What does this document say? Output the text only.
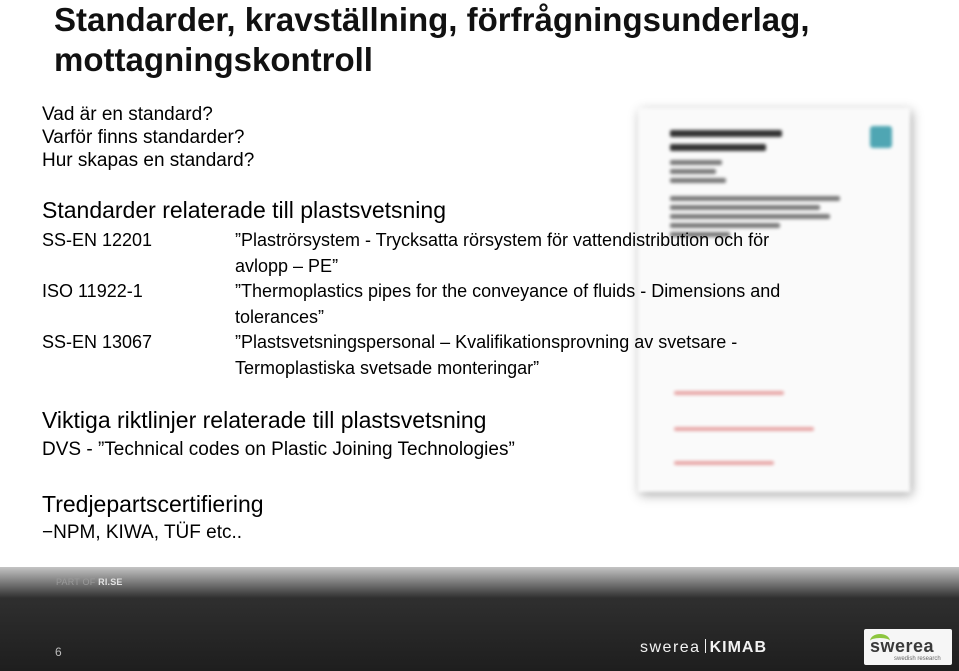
Standarder, kravställning, förfrågningsunderlag, mottagningskontroll
Vad är en standard?
Varför finns standarder?
Hur skapas en standard?
Standarder relaterade till plastsvetsning
SS-EN 12201	”Plaströrsystem - Trycksatta rörsystem för vattendistribution och för
avlopp – PE”
ISO 11922-1	”Thermoplastics pipes for the conveyance of fluids - Dimensions and
tolerances”
SS-EN 13067	”Plastsvetsningspersonal – Kvalifikationsprovning av svetsare -
Termoplastiska svetsade monteringar”
Viktiga riktlinjer relaterade till plastsvetsning
DVS - ”Technical codes on Plastic Joining Technologies”
Tredjepartscertifiering
−NPM, KIWA, TÜF etc..
PART OF RI.SE
6	swerea KIMAB	swerea
swedish research
